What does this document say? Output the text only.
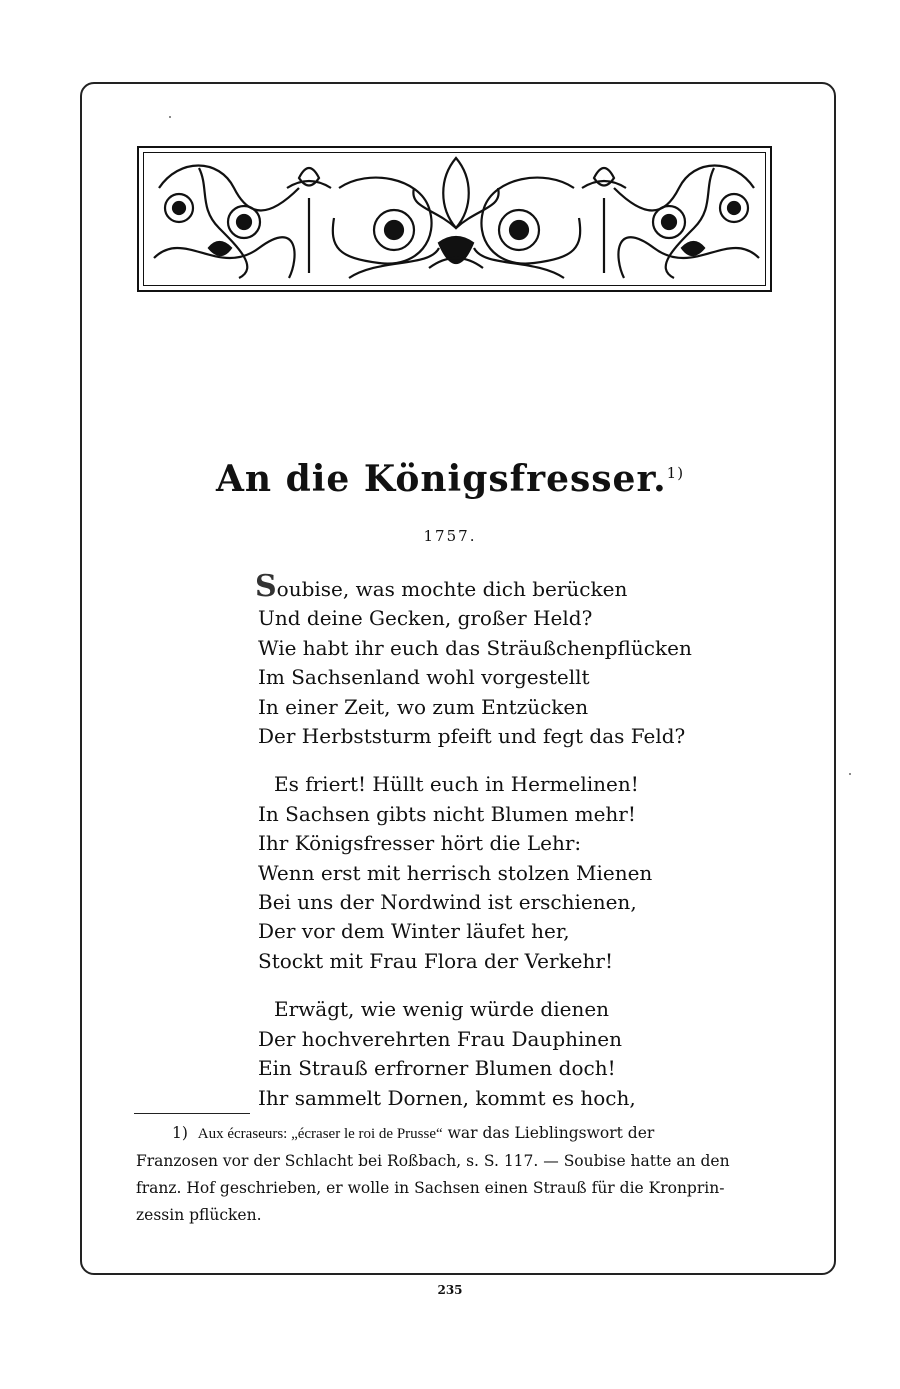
An die Königsfresser.$^{1)}$
1757.
Soubise, was mochte dich berücken
Und deine Gecken, großer Held?
Wie habt ihr euch das Sträußchenpflücken
Im Sachsenland wohl vorgestellt
In einer Zeit, wo zum Entzücken
Der Herbststurm pfeift und fegt das Feld?
Es friert! Hüllt euch in Hermelinen!
In Sachsen gibts nicht Blumen mehr!
Ihr Königsfresser hört die Lehr:
Wenn erst mit herrisch stolzen Mienen
Bei uns der Nordwind ist erschienen,
Der vor dem Winter läufet her,
Stockt mit Frau Flora der Verkehr!
Erwägt, wie wenig würde dienen
Der hochverehrten Frau Dauphinen
Ein Strauß erfrorner Blumen doch!
Ihr sammelt Dornen, kommt es hoch,
1) Aux écraseurs: „écraser le roi de Prusse“ war das Lieblingswort der
Franzosen vor der Schlacht bei Roßbach, s. S. 117. — Soubise hatte an den
franz. Hof geschrieben, er wolle in Sachsen einen Strauß für die Kronprin-
zessin pflücken.
235
